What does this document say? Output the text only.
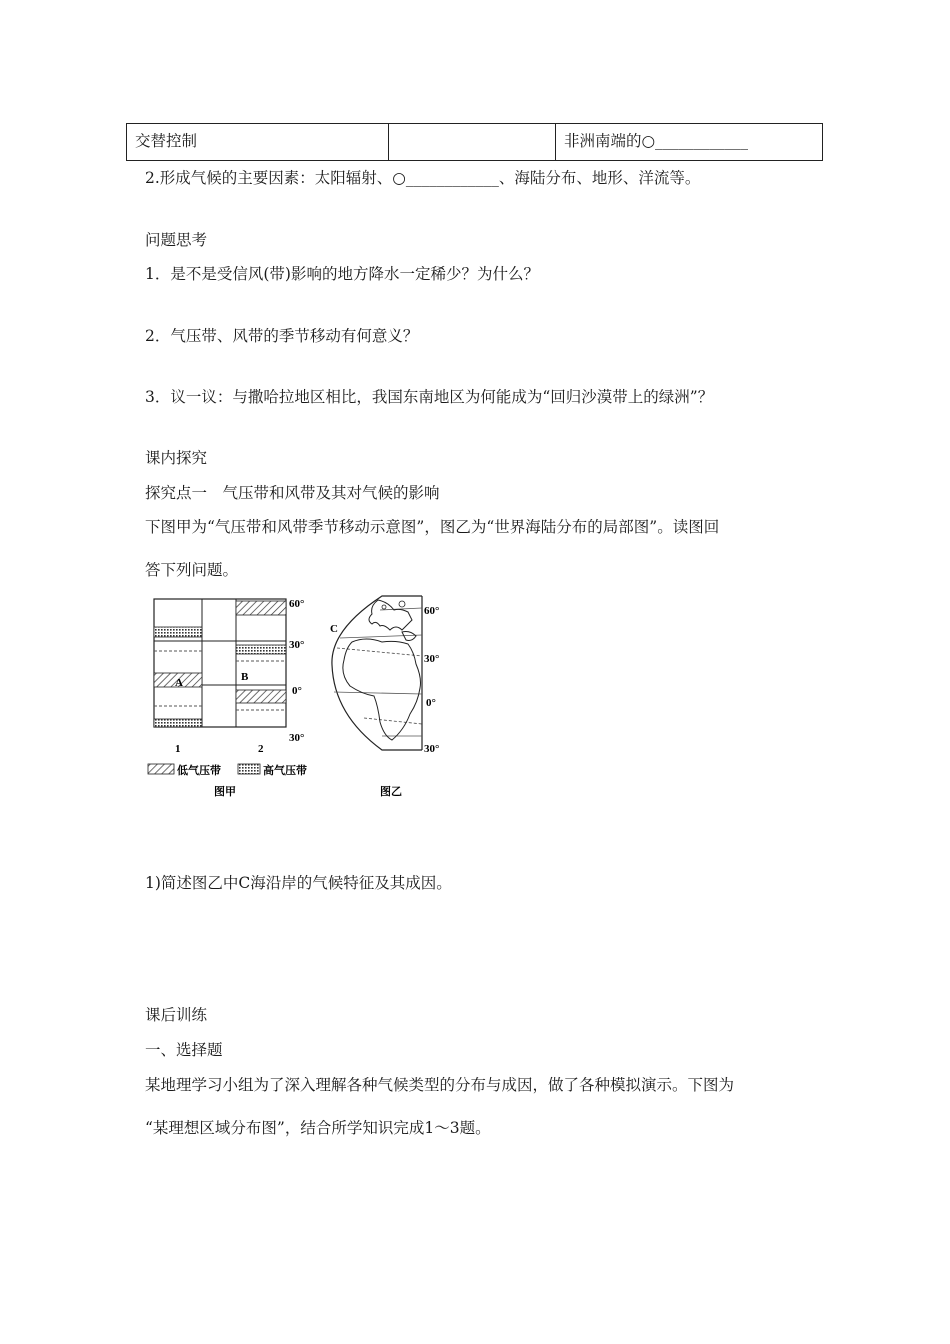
交替控制		非洲南端的○____________
2.形成气候的主要因素：太阳辐射、○____________、海陆分布、地形、洋流等。
问题思考
1．是不是受信风(带)影响的地方降水一定稀少？为什么？
2．气压带、风带的季节移动有何意义？
3．议一议：与撒哈拉地区相比，我国东南地区为何能成为“回归沙漠带上的绿洲”？
课内探究
探究点一　气压带和风带及其对气候的影响
下图甲为“气压带和风带季节移动示意图”，图乙为“世界海陆分布的局部图”。读图回
答下列问题。
60°
30°
0°
30°
A	B
1	2
低气压带	高气压带
图甲
60°
30°
0°
30°
C
图乙
1)简述图乙中C海沿岸的气候特征及其成因。
课后训练
一、选择题
某地理学习小组为了深入理解各种气候类型的分布与成因，做了各种模拟演示。下图为
“某理想区域分布图”，结合所学知识完成1～3题。
